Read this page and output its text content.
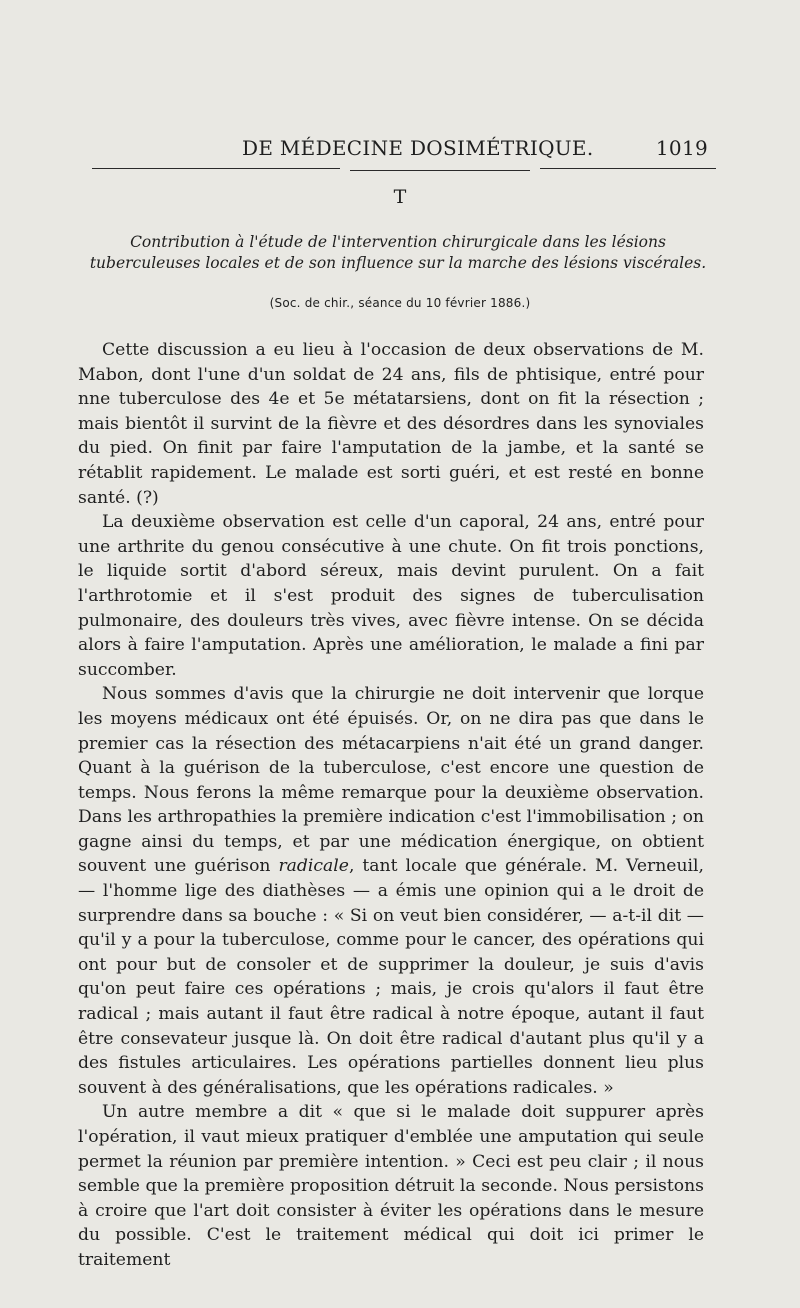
DE MÉDECINE DOSIMÉTRIQUE.	1019
T
Contribution à l'étude de l'intervention chirurgicale dans les lésions tuberculeuses locales et de son influence sur la marche des lésions viscérales.
(Soc. de chir., séance du 10 février 1886.)

Cette discussion a eu lieu à l'occasion de deux observations de M. Mabon, dont l'une d'un soldat de 24 ans, fils de phtisique, entré pour nne tuberculose des 4e et 5e métatarsiens, dont on fit la résection ; mais bientôt il survint de la fièvre et des désordres dans les synoviales du pied. On finit par faire l'amputation de la jambe, et la santé se rétablit rapidement. Le malade est sorti guéri, et est resté en bonne santé. (?)

La deuxième observation est celle d'un caporal, 24 ans, entré pour une arthrite du genou consécutive à une chute. On fit trois ponctions, le liquide sortit d'abord séreux, mais devint purulent. On a fait l'arthrotomie et il s'est produit des signes de tuberculisation pulmonaire, des douleurs très vives, avec fièvre intense. On se décida alors à faire l'amputation. Après une amélioration, le malade a fini par succomber.

Nous sommes d'avis que la chirurgie ne doit intervenir que lorque les moyens médicaux ont été épuisés. Or, on ne dira pas que dans le premier cas la résection des métacarpiens n'ait été un grand danger. Quant à la guérison de la tuberculose, c'est encore une question de temps. Nous ferons la même remarque pour la deuxième observation. Dans les arthropathies la première indication c'est l'immobilisation ; on gagne ainsi du temps, et par une médication énergique, on obtient souvent une guérison radicale, tant locale que générale. M. Verneuil, — l'homme lige des diathèses — a émis une opinion qui a le droit de surprendre dans sa bouche : « Si on veut bien considérer, — a-t-il dit — qu'il y a pour la tuberculose, comme pour le cancer, des opérations qui ont pour but de consoler et de supprimer la douleur, je suis d'avis qu'on peut faire ces opérations ; mais, je crois qu'alors il faut être radical ; mais autant il faut être radical à notre époque, autant il faut être consevateur jusque là. On doit être radical d'autant plus qu'il y a des fistules articulaires. Les opérations partielles donnent lieu plus souvent à des généralisations, que les opérations radicales. »

Un autre membre a dit « que si le malade doit suppurer après l'opération, il vaut mieux pratiquer d'emblée une amputation qui seule permet la réunion par première intention. » Ceci est peu clair ; il nous semble que la première proposition détruit la seconde. Nous persistons à croire que l'art doit consister à éviter les opérations dans le mesure du possible. C'est le traitement médical qui doit ici primer le traitement
